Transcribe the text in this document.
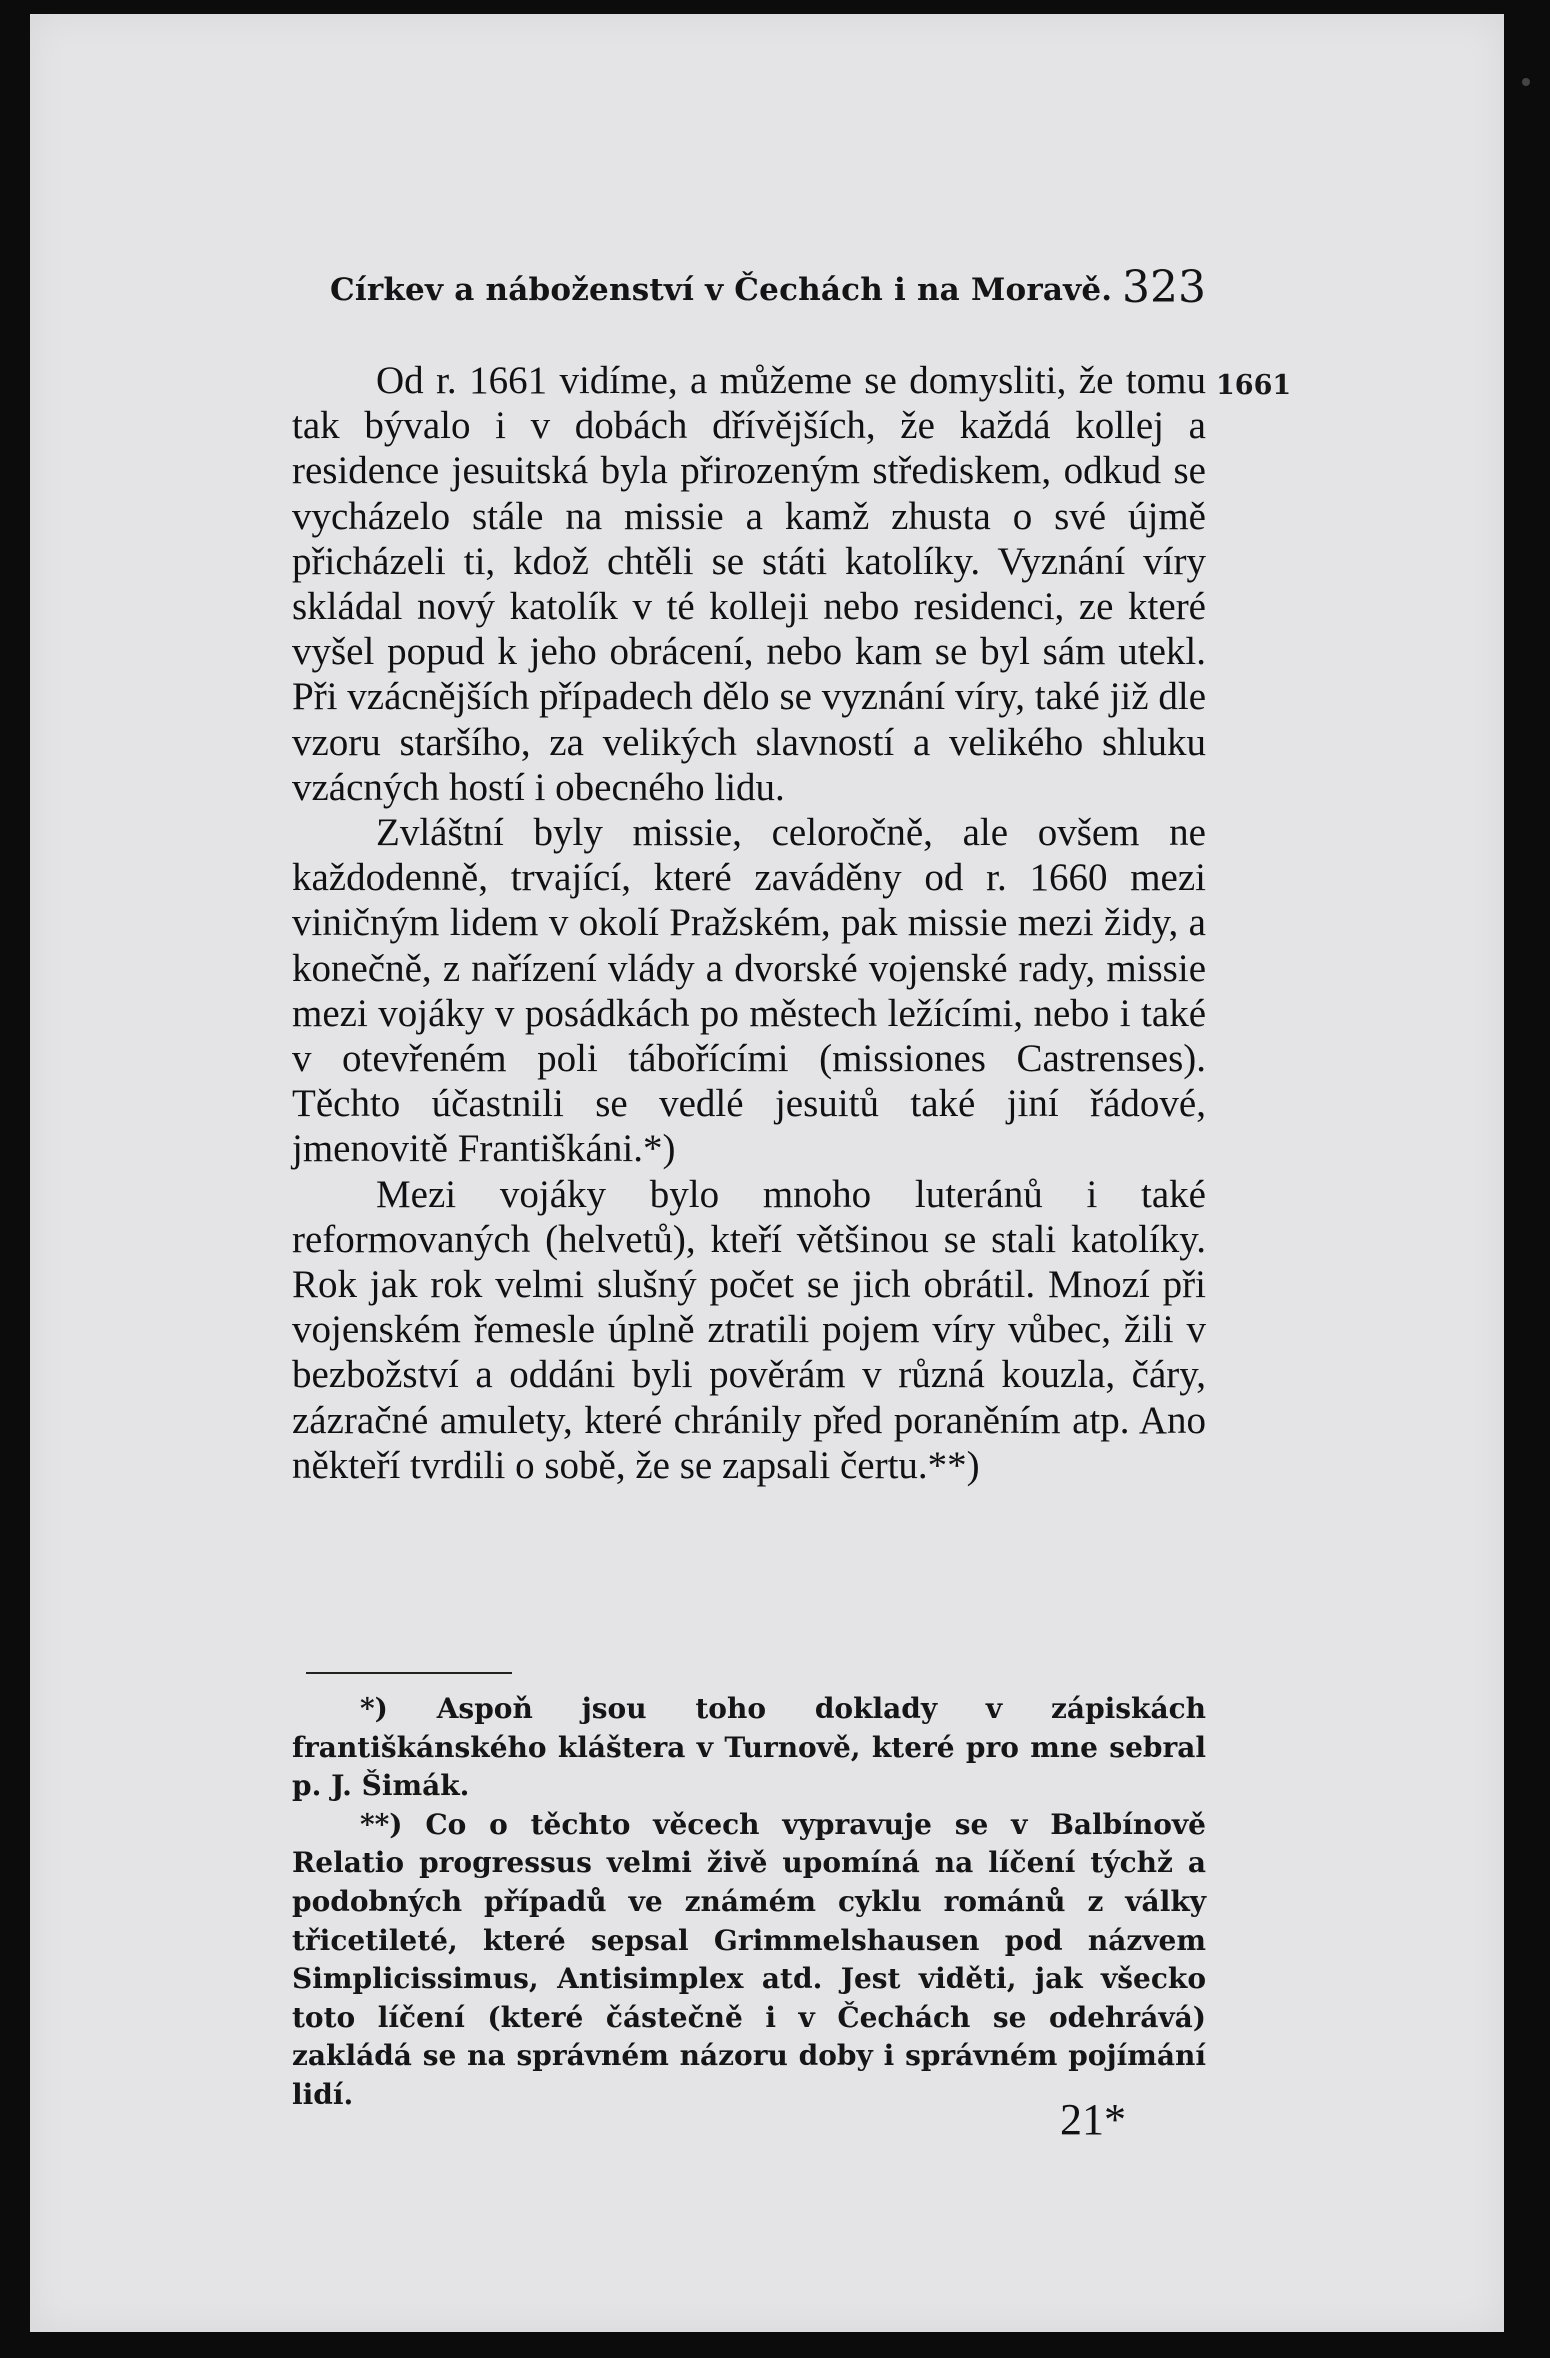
Církev a náboženství v Čechách i na Moravě. 323
1661

Od r. 1661 vidíme, a můžeme se domysliti, že tomu tak bývalo i v dobách dřívějších, že každá kollej a residence jesuitská byla přirozeným střediskem, odkud se vycházelo stále na missie a kamž zhusta o své újmě přicházeli ti, kdož chtěli se státi katolíky. Vyznání víry skládal nový katolík v té kolleji nebo residenci, ze které vyšel popud k jeho obrácení, nebo kam se byl sám utekl. Při vzácnějších případech dělo se vyznání víry, také již dle vzoru staršího, za velikých slavností a velikého shluku vzácných hostí i obecného lidu.

Zvláštní byly missie, celoročně, ale ovšem ne každodenně, trvající, které zaváděny od r. 1660 mezi viničným lidem v okolí Pražském, pak missie mezi židy, a konečně, z nařízení vlády a dvorské vojenské rady, missie mezi vojáky v posádkách po městech ležícími, nebo i také v otevřeném poli tábořícími (missiones Castrenses). Těchto účastnili se vedlé jesuitů také jiní řádové, jmenovitě Františkáni.*)

Mezi vojáky bylo mnoho luteránů i také reformovaných (helvetů), kteří většinou se stali katolíky. Rok jak rok velmi slušný počet se jich obrátil. Mnozí při vojenském řemesle úplně ztratili pojem víry vůbec, žili v bezbožství a oddáni byli pověrám v různá kouzla, čáry, zázračné amulety, které chránily před poraněním atp. Ano někteří tvrdili o sobě, že se zapsali čertu.**)

*) Aspoň jsou toho doklady v zápiskách františkánského kláštera v Turnově, které pro mne sebral p. J. Šimák.

**) Co o těchto věcech vypravuje se v Balbínově Relatio progressus velmi živě upomíná na líčení týchž a podobných případů ve známém cyklu románů z války třicetileté, které sepsal Grimmelshausen pod názvem Simplicissimus, Antisimplex atd. Jest viděti, jak všecko toto líčení (které částečně i v Čechách se odehrává) zakládá se na správném názoru doby i správném pojímání lidí.

21*
